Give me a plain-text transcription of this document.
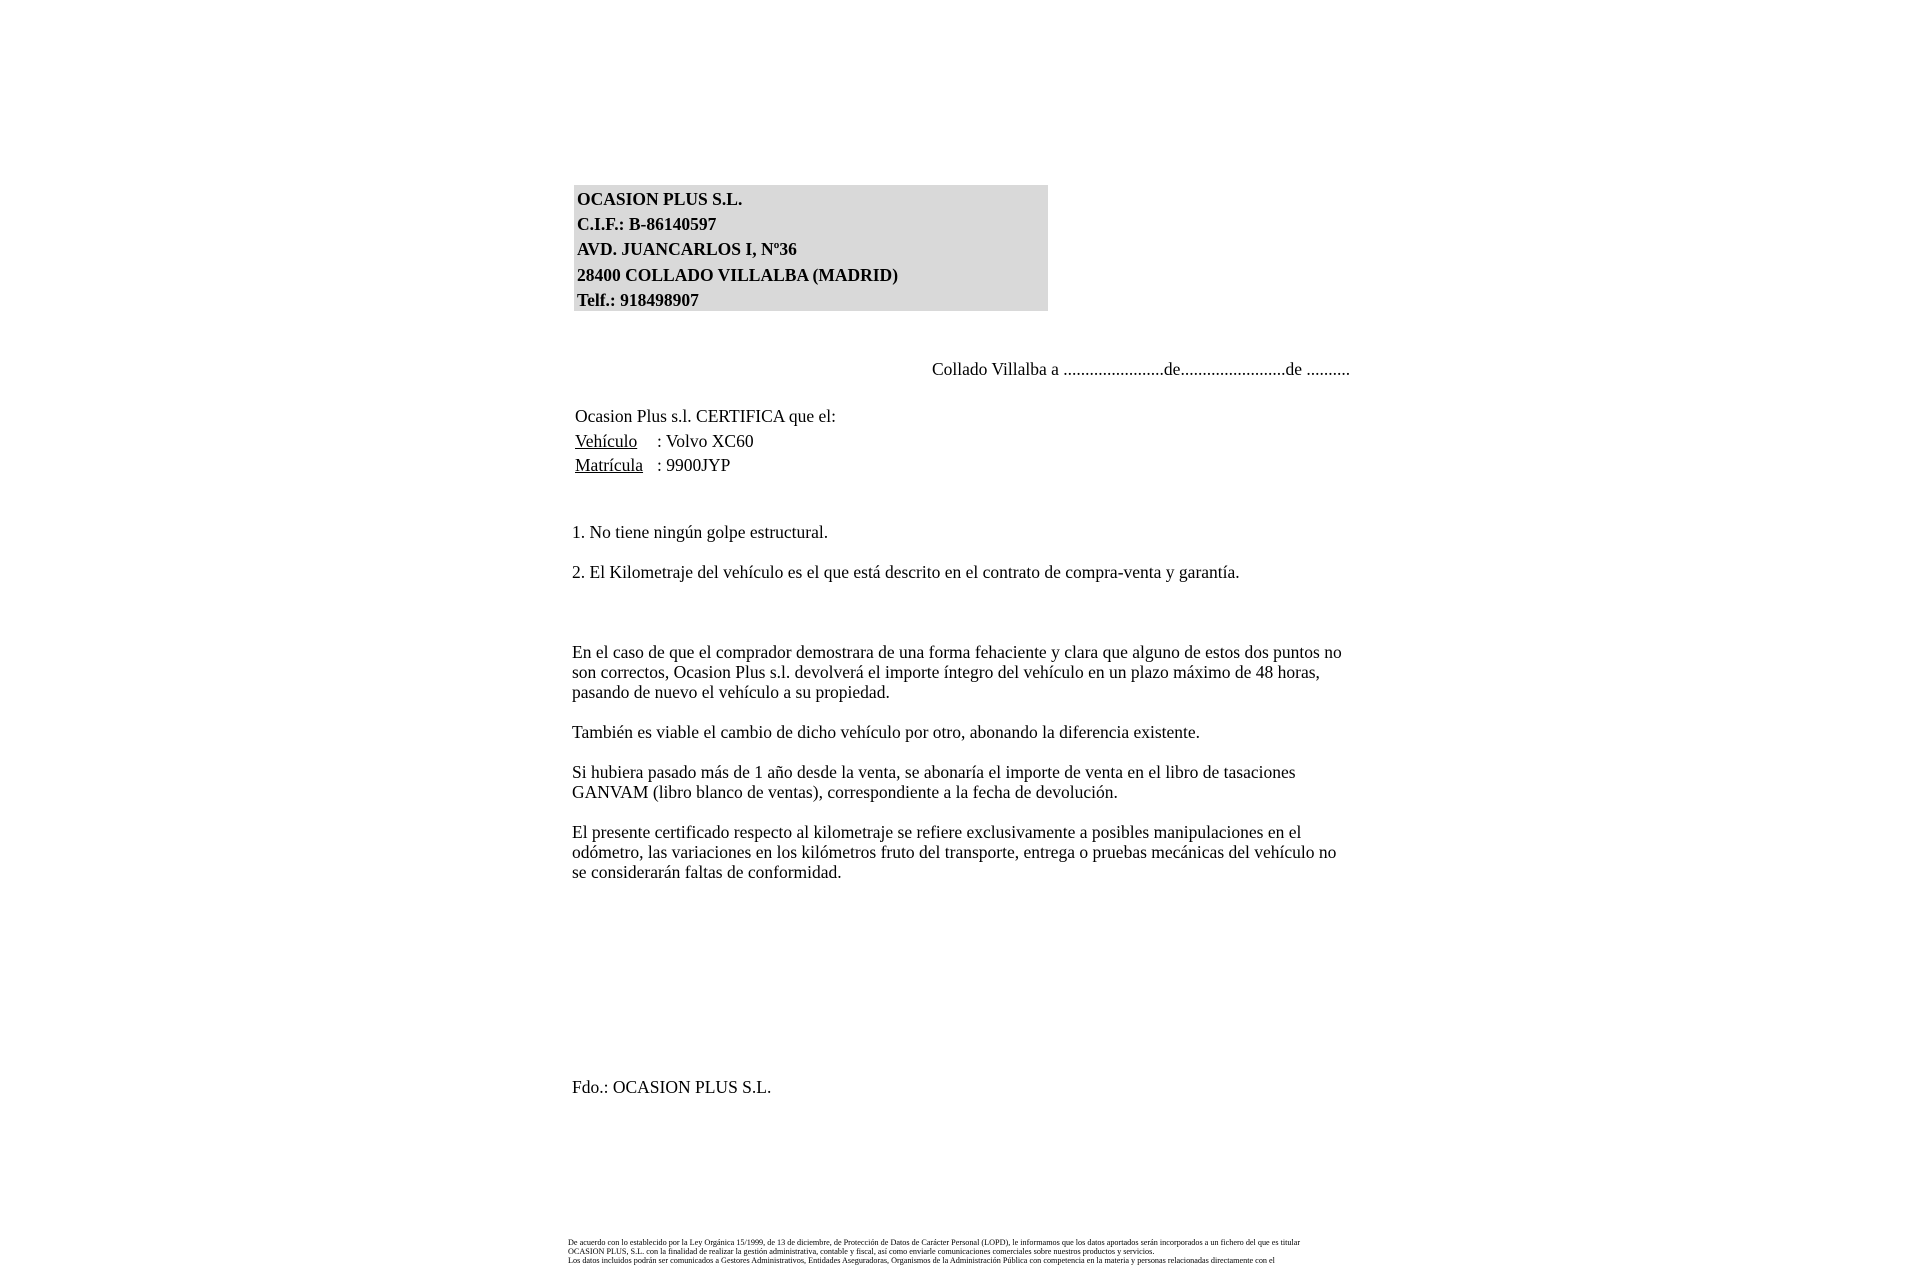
OCASION PLUS S.L.
C.I.F.: B-86140597
AVD. JUANCARLOS I, Nº36
28400 COLLADO VILLALBA (MADRID)
Telf.: 918498907
Collado Villalba a .......................de........................de ..........
Ocasion Plus s.l. CERTIFICA que el:
Vehículo : Volvo XC60
Matrícula : 9900JYP
1. No tiene ningún golpe estructural.
2. El Kilometraje del vehículo es el que está descrito en el contrato de compra-venta y garantía.
En el caso de que el comprador demostrara de una forma fehaciente y clara que alguno de estos dos puntos no
son correctos, Ocasion Plus s.l. devolverá el importe íntegro del vehículo en un plazo máximo de 48 horas,
pasando de nuevo el vehículo a su propiedad.
También es viable el cambio de dicho vehículo por otro, abonando la diferencia existente.
Si hubiera pasado más de 1 año desde la venta, se abonaría el importe de venta en el libro de tasaciones
GANVAM (libro blanco de ventas), correspondiente a la fecha de devolución.
El presente certificado respecto al kilometraje se refiere exclusivamente a posibles manipulaciones en el
odómetro, las variaciones en los kilómetros fruto del transporte, entrega o pruebas mecánicas del vehículo no
se considerarán faltas de conformidad.
Fdo.: OCASION PLUS S.L.
De acuerdo con lo establecido por la Ley Orgánica 15/1999, de 13 de diciembre, de Protección de Datos de Carácter Personal (LOPD), le informamos que los datos aportados serán incorporados a un fichero del que es titular
OCASION PLUS, S.L. con la finalidad de realizar la gestión administrativa, contable y fiscal, así como enviarle comunicaciones comerciales sobre nuestros productos y servicios.
Los datos incluidos podrán ser comunicados a Gestores Administrativos, Entidades Aseguradoras, Organismos de la Administración Pública con competencia en la materia y personas relacionadas directamente con el
